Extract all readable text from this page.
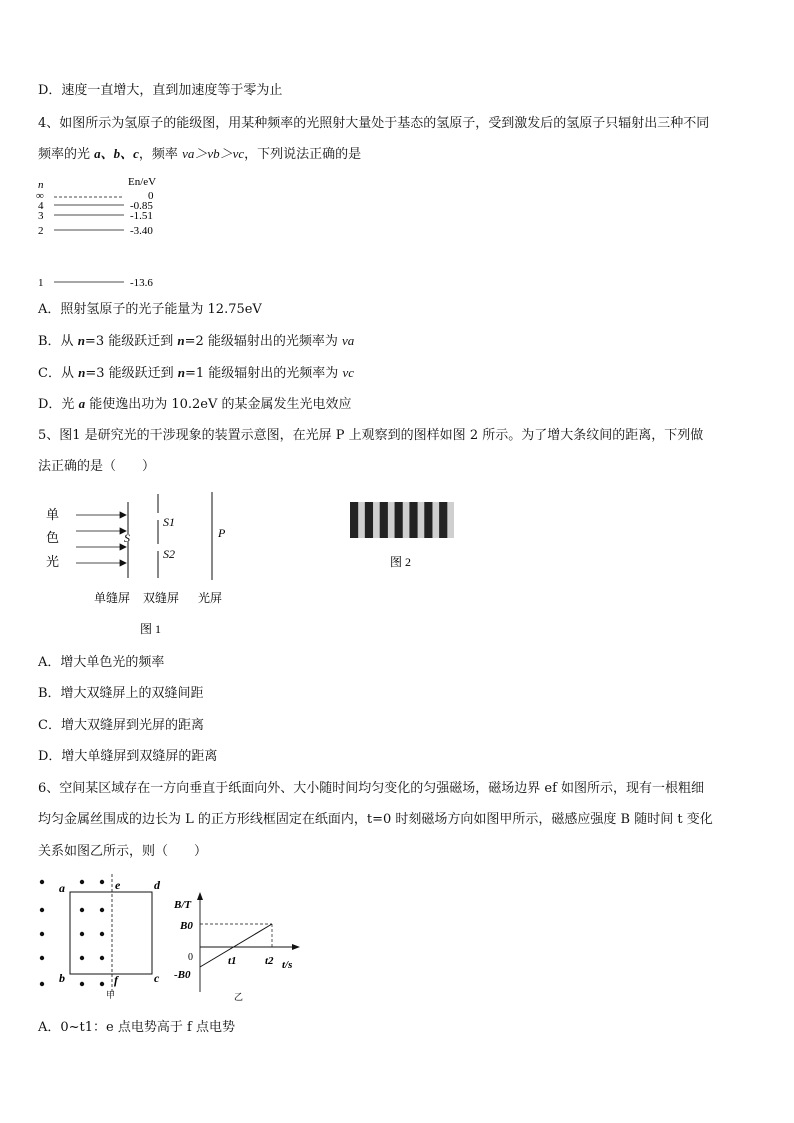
D．速度一直增大，直到加速度等于零为止
4、如图所示为氢原子的能级图，用某种频率的光照射大量处于基态的氢原子，受到激发后的氢原子只辐射出三种不同
频率的光 a、b、c，频率 νa＞νb＞νc，下列说法正确的是
n	En/eV
∞	0
4	-0.85
3	-1.51
2	-3.40
1	-13.6
A．照射氢原子的光子能量为 12.75eV
B．从 n=3 能级跃迁到 n=2 能级辐射出的光频率为 νa
C．从 n=3 能级跃迁到 n=1 能级辐射出的光频率为 νc
D．光 a 能使逸出功为 10.2eV 的某金属发生光电效应
5、图1 是研究光的干涉现象的装置示意图，在光屏 P 上观察到的图样如图 2 所示。为了增大条纹间的距离，下列做
法正确的是（　　）
单
色
光
S
S1
S2
P
单缝屏 双缝屏 光屏
图 1
图 2
A．增大单色光的频率
B．增大双缝屏上的双缝间距
C．增大双缝屏到光屏的距离
D．增大单缝屏到双缝屏的距离
6、空间某区域存在一方向垂直于纸面向外、大小随时间均匀变化的匀强磁场，磁场边界 ef 如图所示，现有一根粗细
均匀金属丝围成的边长为 L 的正方形线框固定在纸面内，t=0 时刻磁场方向如图甲所示，磁感应强度 B 随时间 t 变化
关系如图乙所示，则（　　）
a	d
b	c
e
f
甲
B/T
B0
0
-B0
t1	t2 t/s
乙
A．0~t1：e 点电势高于 f 点电势
